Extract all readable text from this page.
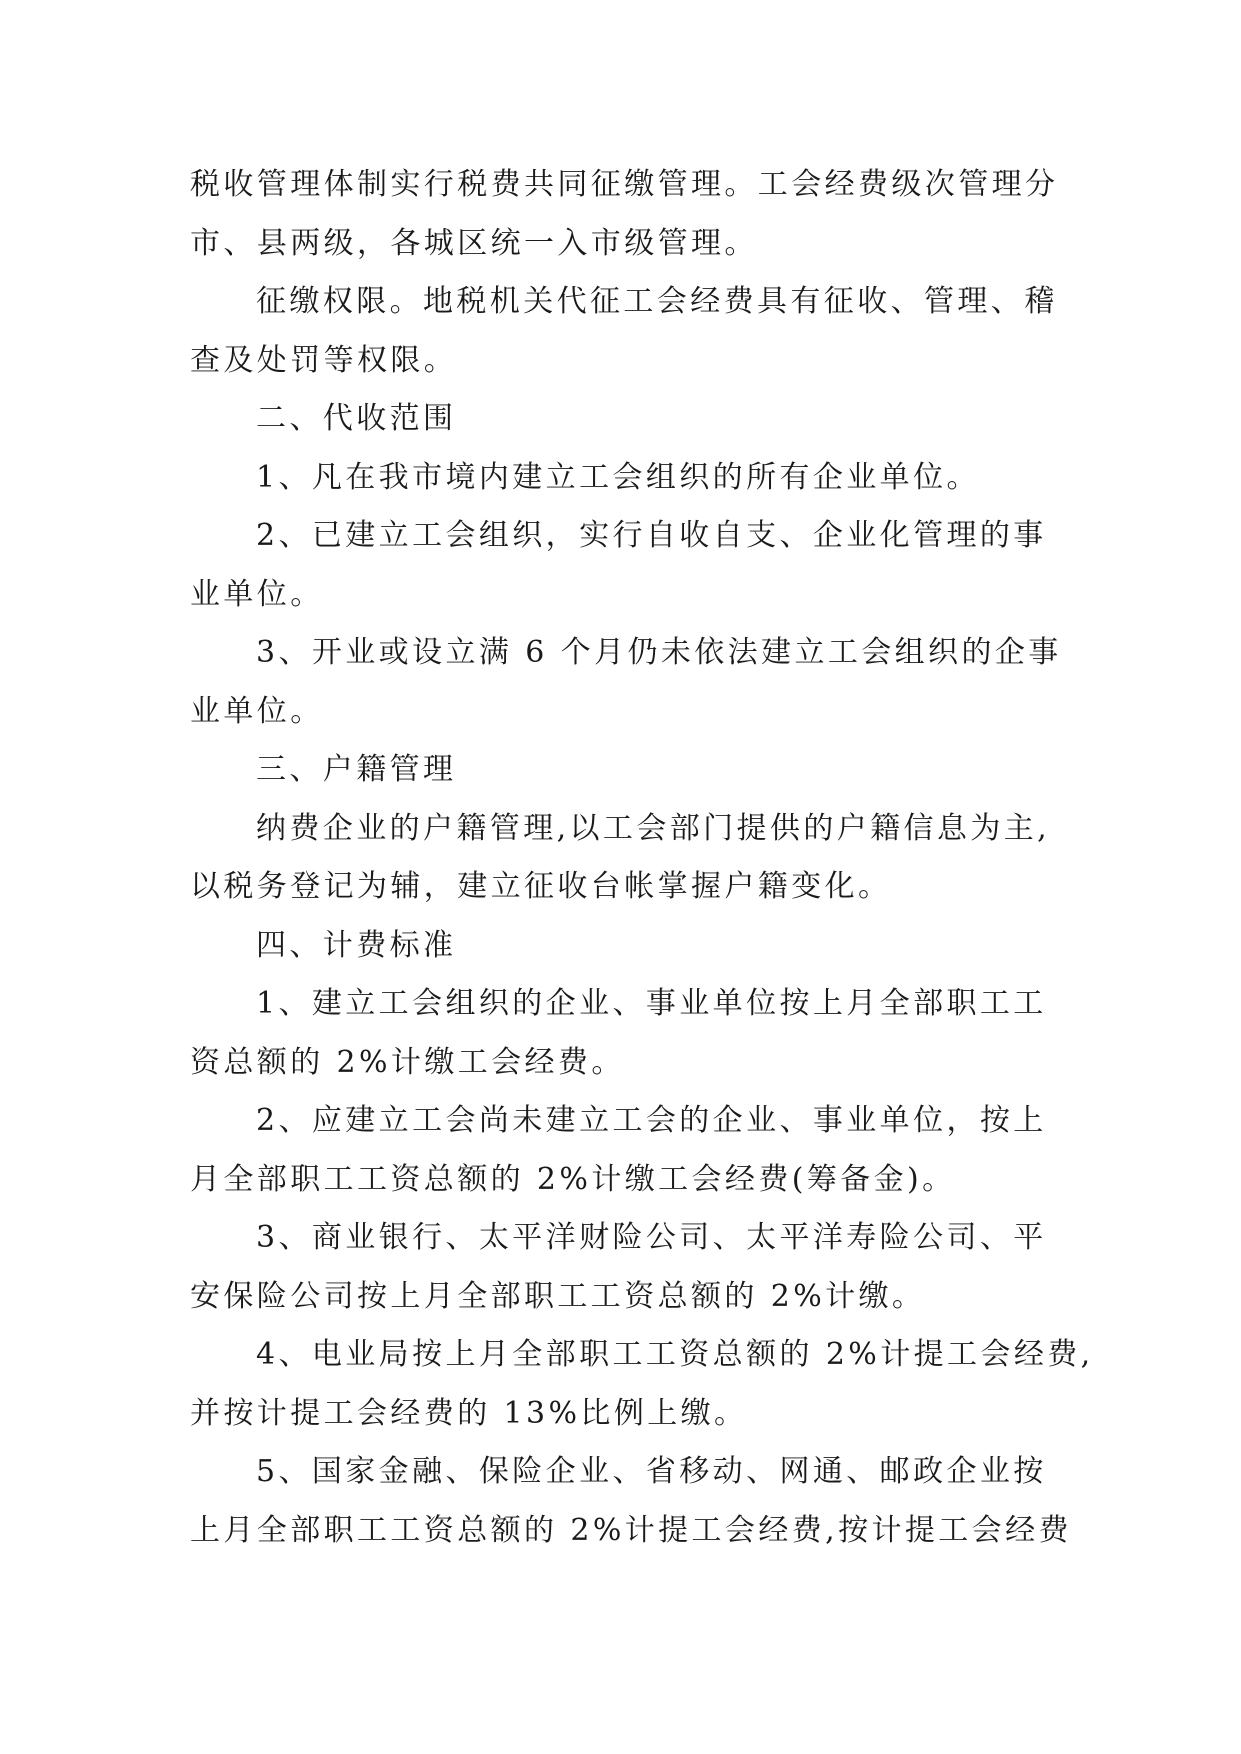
税收管理体制实行税费共同征缴管理。工会经费级次管理分
市、县两级，各城区统一入市级管理。
征缴权限。地税机关代征工会经费具有征收、管理、稽
查及处罚等权限。
二、代收范围
1、凡在我市境内建立工会组织的所有企业单位。
2、已建立工会组织，实行自收自支、企业化管理的事
业单位。
3、开业或设立满 6 个月仍未依法建立工会组织的企事
业单位。
三、户籍管理
纳费企业的户籍管理,以工会部门提供的户籍信息为主,
以税务登记为辅，建立征收台帐掌握户籍变化。
四、计费标准
1、建立工会组织的企业、事业单位按上月全部职工工
资总额的 2%计缴工会经费。
2、应建立工会尚未建立工会的企业、事业单位，按上
月全部职工工资总额的 2%计缴工会经费(筹备金)。
3、商业银行、太平洋财险公司、太平洋寿险公司、平
安保险公司按上月全部职工工资总额的 2%计缴。
4、电业局按上月全部职工工资总额的 2%计提工会经费,
并按计提工会经费的 13%比例上缴。
5、国家金融、保险企业、省移动、网通、邮政企业按
上月全部职工工资总额的 2%计提工会经费,按计提工会经费
